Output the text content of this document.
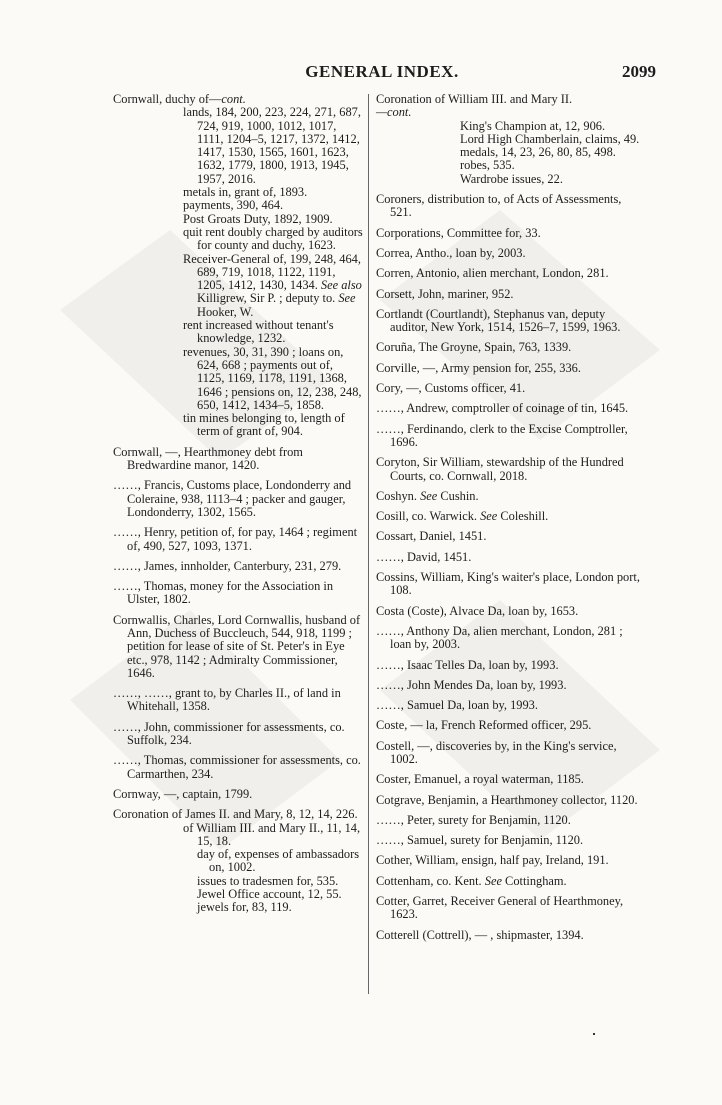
GENERAL INDEX.	2099
Cornwall, duchy of—cont.
lands, 184, 200, 223, 224, 271, 687, 724, 919, 1000, 1012, 1017, 1111, 1204–5, 1217, 1372, 1412, 1417, 1530, 1565, 1601, 1623, 1632, 1779, 1800, 1913, 1945, 1957, 2016.
metals in, grant of, 1893.
payments, 390, 464.
Post Groats Duty, 1892, 1909.
quit rent doubly charged by auditors for county and duchy, 1623.
Receiver-General of, 199, 248, 464, 689, 719, 1018, 1122, 1191, 1205, 1412, 1430, 1434. See also Killigrew, Sir P. ; deputy to. See Hooker, W.
rent increased without tenant's knowledge, 1232.
revenues, 30, 31, 390 ; loans on, 624, 668 ; payments out of, 1125, 1169, 1178, 1191, 1368, 1646 ; pensions on, 12, 238, 248, 650, 1412, 1434–5, 1858.
tin mines belonging to, length of term of grant of, 904.
Cornwall, —, Hearthmoney debt from Bredwardine manor, 1420.
……, Francis, Customs place, Londonderry and Coleraine, 938, 1113–4 ; packer and gauger, Londonderry, 1302, 1565.
……, Henry, petition of, for pay, 1464 ; regiment of, 490, 527, 1093, 1371.
……, James, innholder, Canterbury, 231, 279.
……, Thomas, money for the Association in Ulster, 1802.
Cornwallis, Charles, Lord Cornwallis, husband of Ann, Duchess of Buccleuch, 544, 918, 1199 ; petition for lease of site of St. Peter's in Eye etc., 978, 1142 ; Admiralty Commissioner, 1646.
……, ……, grant to, by Charles II., of land in Whitehall, 1358.
……, John, commissioner for assessments, co. Suffolk, 234.
……, Thomas, commissioner for assessments, co. Carmarthen, 234.
Cornway, —, captain, 1799.
Coronation of James II. and Mary, 8, 12, 14, 226.
of William III. and Mary II., 11, 14, 15, 18.
day of, expenses of ambassadors on, 1002.
issues to tradesmen for, 535.
Jewel Office account, 12, 55.
jewels for, 83, 119.
Coronation of William III. and Mary II.
—cont.
King's Champion at, 12, 906.
Lord High Chamberlain, claims, 49.
medals, 14, 23, 26, 80, 85, 498.
robes, 535.
Wardrobe issues, 22.
Coroners, distribution to, of Acts of Assessments, 521.
Corporations, Committee for, 33.
Correa, Antho., loan by, 2003.
Corren, Antonio, alien merchant, London, 281.
Corsett, John, mariner, 952.
Cortlandt (Courtlandt), Stephanus van, deputy auditor, New York, 1514, 1526–7, 1599, 1963.
Coruña, The Groyne, Spain, 763, 1339.
Corville, —, Army pension for, 255, 336.
Cory, —, Customs officer, 41.
……, Andrew, comptroller of coinage of tin, 1645.
……, Ferdinando, clerk to the Excise Comptroller, 1696.
Coryton, Sir William, stewardship of the Hundred Courts, co. Cornwall, 2018.
Coshyn. See Cushin.
Cosill, co. Warwick. See Coleshill.
Cossart, Daniel, 1451.
……, David, 1451.
Cossins, William, King's waiter's place, London port, 108.
Costa (Coste), Alvace Da, loan by, 1653.
……, Anthony Da, alien merchant, London, 281 ; loan by, 2003.
……, Isaac Telles Da, loan by, 1993.
……, John Mendes Da, loan by, 1993.
……, Samuel Da, loan by, 1993.
Coste, — la, French Reformed officer, 295.
Costell, —, discoveries by, in the King's service, 1002.
Coster, Emanuel, a royal waterman, 1185.
Cotgrave, Benjamin, a Hearthmoney collector, 1120.
……, Peter, surety for Benjamin, 1120.
……, Samuel, surety for Benjamin, 1120.
Cother, William, ensign, half pay, Ireland, 191.
Cottenham, co. Kent. See Cottingham.
Cotter, Garret, Receiver General of Hearthmoney, 1623.
Cotterell (Cottrell), — , shipmaster, 1394.
